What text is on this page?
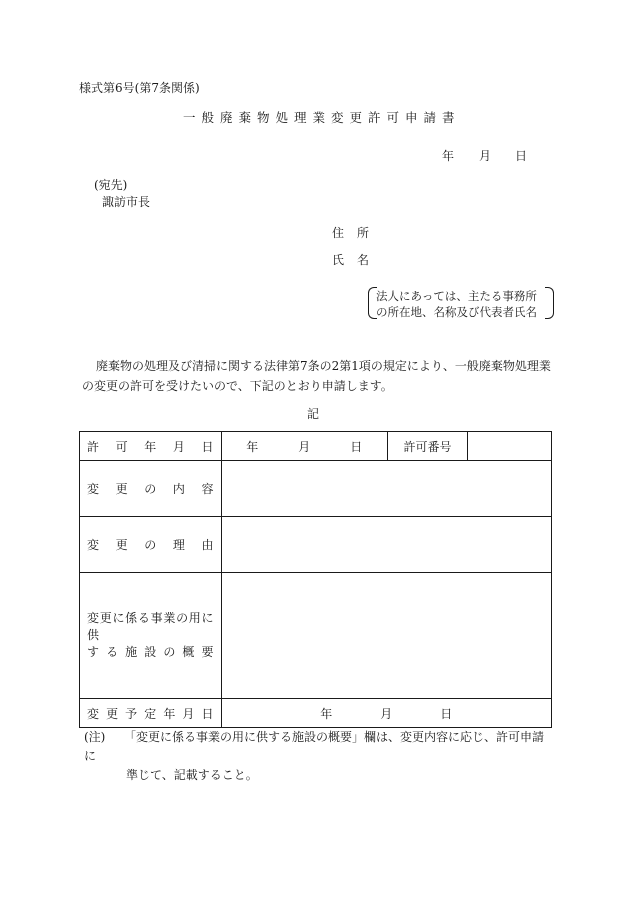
様式第6号(第7条関係)
一般廃棄物処理業変更許可申請書
年 月 日
(宛先)
諏訪市長
住所
氏名
法人にあっては、主たる事務所
の所在地、名称及び代表者氏名
廃棄物の処理及び清掃に関する法律第7条の2第1項の規定により、一般廃棄物処理業の変更の許可を受けたいので、下記のとおり申請します。
記
許可年月日	年 月 日	許可番号	

変更の内容			

変更の理由			

変更に係る事業の用に供
する施設の概要			

変更予定年月日	年 月 日		
(注) 「変更に係る事業の用に供する施設の概要」欄は、変更内容に応じ、許可申請に
準じて、記載すること。
